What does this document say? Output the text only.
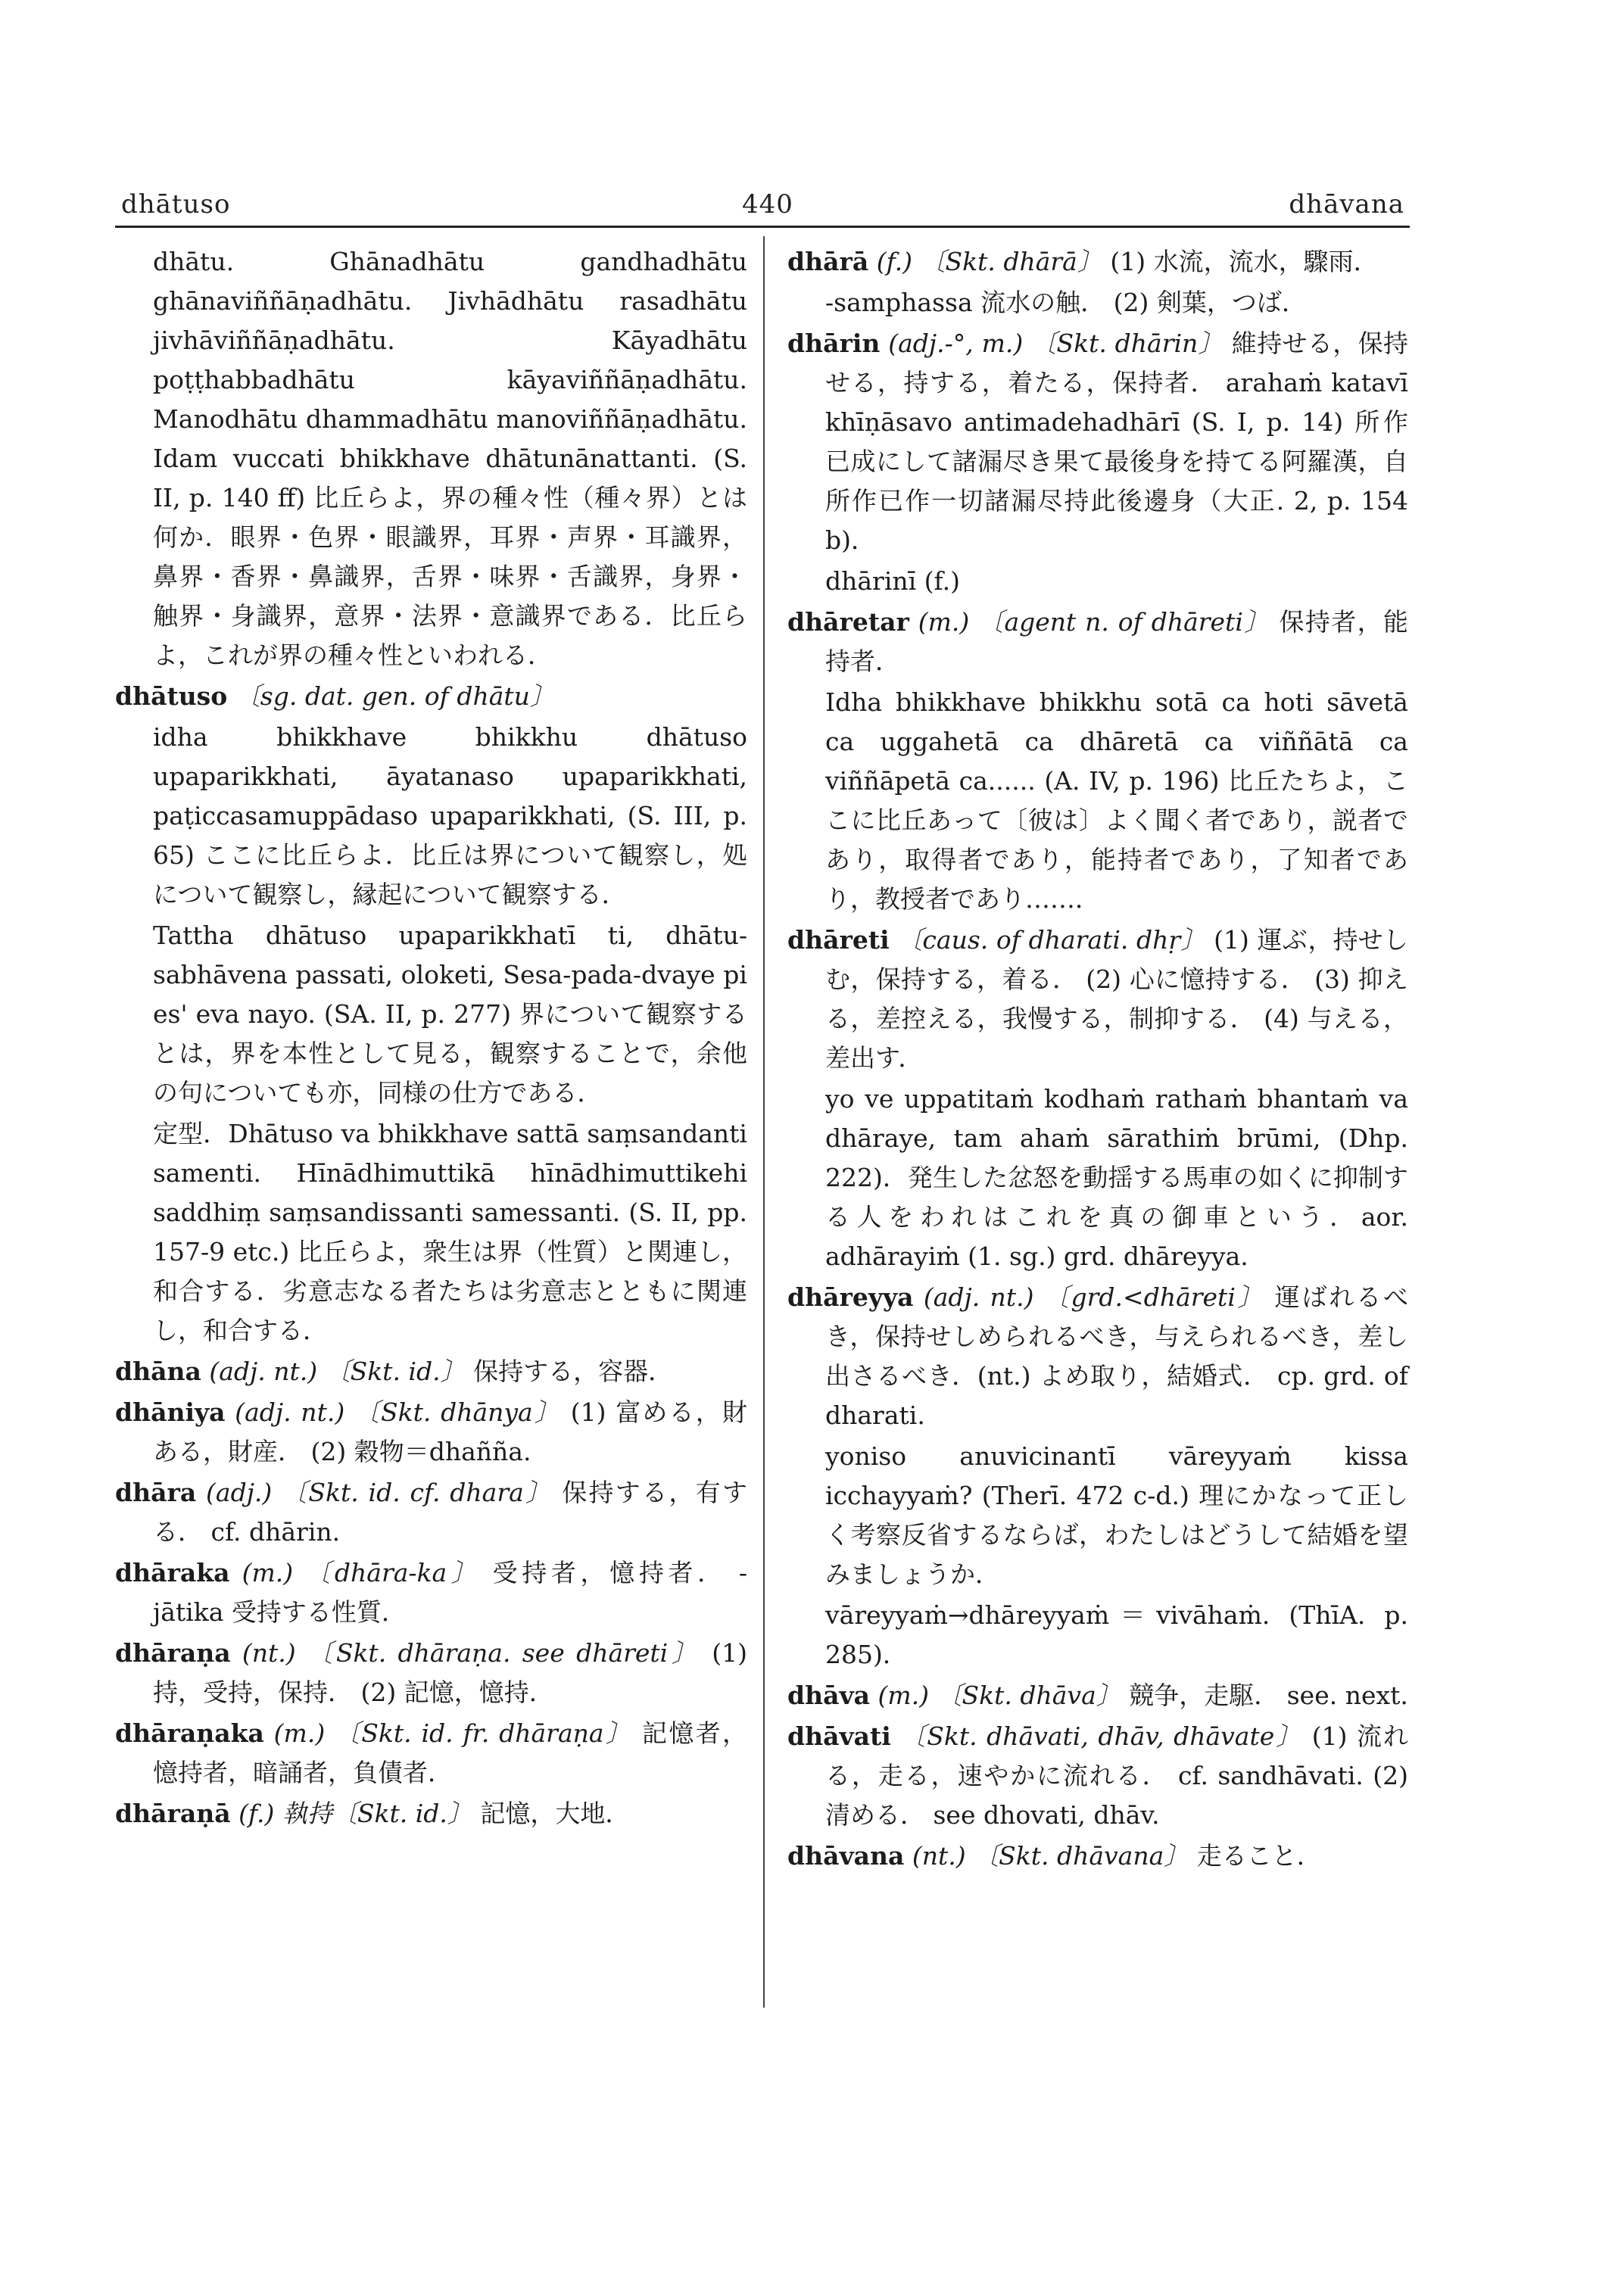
dhātuso	440	dhāvana

dhātu. Ghānadhātu gandhadhātu ghānaviññāṇadhātu. Jivhādhātu rasadhātu jivhāviññāṇadhātu. Kāyadhātu poṭṭhabbadhātu kāyaviññāṇadhātu. Manodhātu dhammadhātu manoviññāṇadhātu. Idam vuccati bhikkhave dhātunānattanti. (S. II, p. 140 ff) 比丘らよ，界の種々性（種々界）とは何か．眼界・色界・眼識界，耳界・声界・耳識界，鼻界・香界・鼻識界，舌界・味界・舌識界，身界・触界・身識界，意界・法界・意識界である．比丘らよ，これが界の種々性といわれる．

dhātuso 〔sg. dat. gen. of dhātu〕

idha bhikkhave bhikkhu dhātuso upaparikkhati, āyatanaso upaparikkhati, paṭiccasamuppādaso upaparikkhati, (S. III, p. 65) ここに比丘らよ．比丘は界について観察し，処について観察し，縁起について観察する．

Tattha dhātuso upaparikkhatī ti, dhātu-sabhāvena passati, oloketi, Sesa-pada-dvaye pi es' eva nayo. (SA. II, p. 277) 界について観察するとは，界を本性として見る，観察することで，余他の句についても亦，同様の仕方である．

定型．Dhātuso va bhikkhave sattā saṃsandanti samenti. Hīnādhimuttikā hīnādhimuttikehi saddhiṃ saṃsandissanti samessanti. (S. II, pp. 157-9 etc.) 比丘らよ，衆生は界（性質）と関連し，和合する．劣意志なる者たちは劣意志とともに関連し，和合する．

dhāna (adj. nt.) 〔Skt. id.〕 保持する，容器．

dhāniya (adj. nt.) 〔Skt. dhānya〕 (1) 富める，財ある，財産． (2) 穀物＝dhañña.

dhāra (adj.) 〔Skt. id. cf. dhara〕 保持する，有する． cf. dhārin.

dhāraka (m.) 〔dhāra-ka〕 受持者，憶持者． -jātika 受持する性質．

dhāraṇa (nt.) 〔Skt. dhāraṇa. see dhāreti〕 (1) 持，受持，保持． (2) 記憶，憶持．

dhāraṇaka (m.) 〔Skt. id. fr. dhāraṇa〕 記憶者，憶持者，暗誦者，負債者．

dhāraṇā (f.) 執持〔Skt. id.〕 記憶，大地．

dhārā (f.) 〔Skt. dhārā〕 (1) 水流，流水，驟雨．

-samphassa 流水の触． (2) 剣葉，つば．

dhārin (adj.-°, m.) 〔Skt. dhārin〕 維持せる，保持せる，持する，着たる，保持者． arahaṁ katavī khīṇāsavo antimadehadhārī (S. I, p. 14) 所作已成にして諸漏尽き果て最後身を持てる阿羅漢，自所作已作一切諸漏尽持此後邊身（大正. 2, p. 154 b)．

dhārinī (f.)

dhāretar (m.) 〔agent n. of dhāreti〕 保持者，能持者．

Idha bhikkhave bhikkhu sotā ca hoti sāvetā ca uggahetā ca dhāretā ca viññātā ca viññāpetā ca...... (A. IV, p. 196) 比丘たちよ，ここに比丘あって〔彼は〕よく聞く者であり，説者であり，取得者であり，能持者であり，了知者であり，教授者であり……．

dhāreti 〔caus. of dharati. dhṛ〕 (1) 運ぶ，持せしむ，保持する，着る． (2) 心に憶持する． (3) 抑える，差控える，我慢する，制抑する． (4) 与える，差出す．

yo ve uppatitaṁ kodhaṁ rathaṁ bhantaṁ va dhāraye, tam ahaṁ sārathiṁ brūmi, (Dhp. 222)．発生した忿怒を動揺する馬車の如くに抑制する人をわれはこれを真の御車という．aor. adhārayiṁ (1. sg.) grd. dhāreyya.

dhāreyya (adj. nt.) 〔grd.<dhāreti〕 運ばれるべき，保持せしめられるべき，与えられるべき，差し出さるべき．(nt.) よめ取り，結婚式． cp. grd. of dharati.

yoniso anuvicinantī vāreyyaṁ kissa icchayyaṁ? (Therī. 472 c-d.) 理にかなって正しく考察反省するならば，わたしはどうして結婚を望みましょうか．

vāreyyaṁ→dhāreyyaṁ＝vivāhaṁ. (ThīA. p. 285)．

dhāva (m.) 〔Skt. dhāva〕 競争，走駆． see. next.

dhāvati 〔Skt. dhāvati, dhāv, dhāvate〕 (1) 流れる，走る，速やかに流れる． cf. sandhāvati. (2) 清める． see dhovati, dhāv.

dhāvana (nt.) 〔Skt. dhāvana〕 走ること．
